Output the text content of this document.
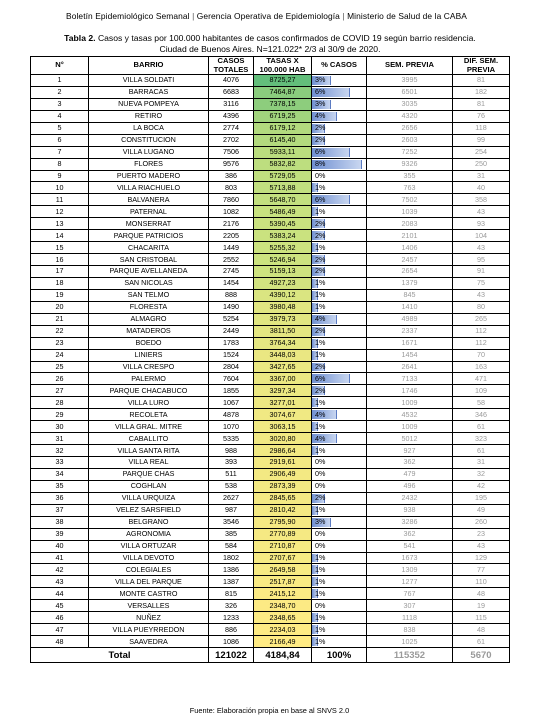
Boletín Epidemiológico Semanal | Gerencia Operativa de Epidemiología | Ministerio de Salud de la CABA
Tabla 2. Casos y tasas por 100.000 habitantes de casos confirmados de COVID 19 según barrio residencia.
Ciudad de Buenos Aires. N=121.022* 2/3 al 30/9 de 2020.
N°	BARRIO	CASOS TOTALES	TASAS X 100.000 HAB	% CASOS	SEM. PREVIA	DIF. SEM. PREVIA
1	VILLA SOLDATI	4076	8725,27	3%	3995	81
2	BARRACAS	6683	7464,87	6%	6501	182
3	NUEVA POMPEYA	3116	7378,15	3%	3035	81
4	RETIRO	4396	6719,25	4%	4320	76
5	LA BOCA	2774	6179,12	2%	2656	118
6	CONSTITUCION	2702	6145,40	2%	2603	99
7	VILLA LUGANO	7506	5933,11	6%	7252	254
8	FLORES	9576	5832,82	8%	9326	250
9	PUERTO MADERO	386	5729,05	0%	355	31
10	VILLA RIACHUELO	803	5713,88	1%	763	40
11	BALVANERA	7860	5648,70	6%	7502	358
12	PATERNAL	1082	5486,49	1%	1039	43
13	MONSERRAT	2176	5390,45	2%	2083	93
14	PARQUE PATRICIOS	2205	5383,24	2%	2101	104
15	CHACARITA	1449	5255,32	1%	1406	43
16	SAN CRISTOBAL	2552	5246,94	2%	2457	95
17	PARQUE AVELLANEDA	2745	5159,13	2%	2654	91
18	SAN NICOLAS	1454	4927,23	1%	1379	75
19	SAN TELMO	888	4390,12	1%	845	43
20	FLORESTA	1490	3980,48	1%	1410	80
21	ALMAGRO	5254	3979,73	4%	4989	265
22	MATADEROS	2449	3811,50	2%	2337	112
23	BOEDO	1783	3764,34	1%	1671	112
24	LINIERS	1524	3448,03	1%	1454	70
25	VILLA CRESPO	2804	3427,65	2%	2641	163
26	PALERMO	7604	3367,00	6%	7133	471
27	PARQUE CHACABUCO	1855	3297,34	2%	1746	109
28	VILLA LURO	1067	3277,01	1%	1009	58
29	RECOLETA	4878	3074,67	4%	4532	346
30	VILLA GRAL. MITRE	1070	3063,15	1%	1009	61
31	CABALLITO	5335	3020,80	4%	5012	323
32	VILLA SANTA RITA	988	2986,64	1%	927	61
33	VILLA REAL	393	2919,61	0%	362	31
34	PARQUE CHAS	511	2906,49	0%	479	32
35	COGHLAN	538	2873,39	0%	496	42
36	VILLA URQUIZA	2627	2845,65	2%	2432	195
37	VELEZ SARSFIELD	987	2810,42	1%	938	49
38	BELGRANO	3546	2795,90	3%	3286	260
39	AGRONOMIA	385	2770,89	0%	362	23
40	VILLA ORTUZAR	584	2710,87	0%	541	43
41	VILLA DEVOTO	1802	2707,67	1%	1673	129
42	COLEGIALES	1386	2649,58	1%	1309	77
43	VILLA DEL PARQUE	1387	2517,87	1%	1277	110
44	MONTE CASTRO	815	2415,12	1%	767	48
45	VERSALLES	326	2348,70	0%	307	19
46	NUÑEZ	1233	2348,65	1%	1118	115
47	VILLA PUEYRREDON	886	2234,03	1%	838	48
48	SAAVEDRA	1086	2166,49	1%	1025	61
Total		121022	4184,84	100%	115352	5670
Fuente: Elaboración propia en base al SNVS 2.0
